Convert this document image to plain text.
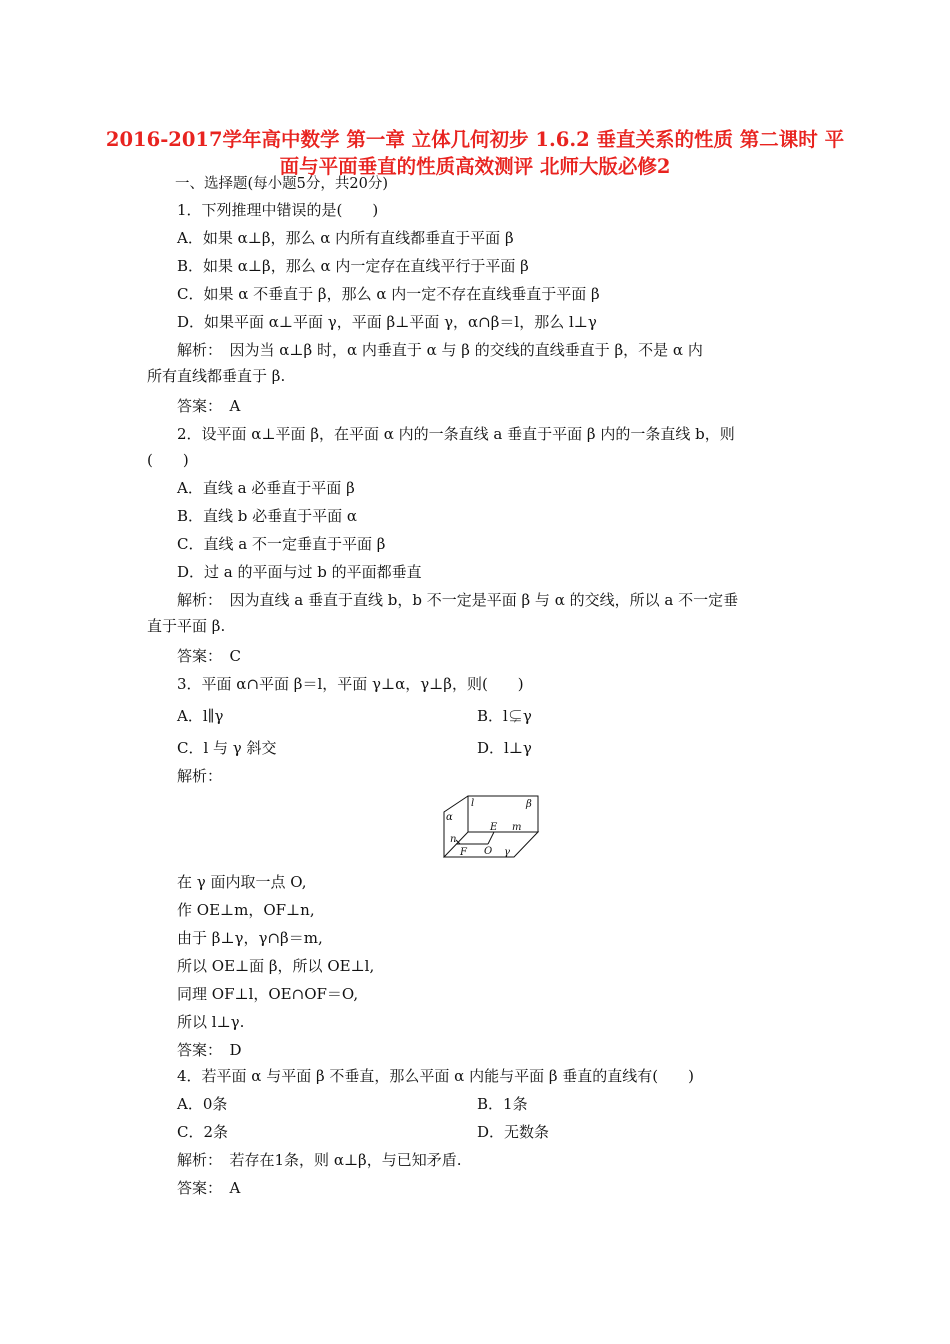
2016-2017学年高中数学 第一章 立体几何初步 1.6.2 垂直关系的性质 第二课时 平面与平面垂直的性质高效测评 北师大版必修2
一、选择题(每小题5分，共20分)
1．下列推理中错误的是(　　)
A．如果 α⊥β，那么 α 内所有直线都垂直于平面 β
B．如果 α⊥β，那么 α 内一定存在直线平行于平面 β
C．如果 α 不垂直于 β，那么 α 内一定不存在直线垂直于平面 β
D．如果平面 α⊥平面 γ，平面 β⊥平面 γ，α∩β＝l，那么 l⊥γ
解析：　因为当 α⊥β 时，α 内垂直于 α 与 β 的交线的直线垂直于 β，不是 α 内
所有直线都垂直于 β.
答案：　A
2．设平面 α⊥平面 β，在平面 α 内的一条直线 a 垂直于平面 β 内的一条直线 b，则
(　　)
A．直线 a 必垂直于平面 β
B．直线 b 必垂直于平面 α
C．直线 a 不一定垂直于平面 β
D．过 a 的平面与过 b 的平面都垂直
解析：　因为直线 a 垂直于直线 b，b 不一定是平面 β 与 α 的交线，所以 a 不一定垂
直于平面 β.
答案：　C
3．平面 α∩平面 β＝l，平面 γ⊥α，γ⊥β，则(　　)
A．l∥γ	B．l⊊γ
C．l 与 γ 斜交	D．l⊥γ
解析：
l	β
α
E m
n
F O γ
在 γ 面内取一点 O,
作 OE⊥m，OF⊥n,
由于 β⊥γ，γ∩β＝m,
所以 OE⊥面 β，所以 OE⊥l,
同理 OF⊥l，OE∩OF＝O,
所以 l⊥γ.
答案：　D
4．若平面 α 与平面 β 不垂直，那么平面 α 内能与平面 β 垂直的直线有(　　)
A．0条	B．1条
C．2条	D．无数条
解析：　若存在1条，则 α⊥β，与已知矛盾.
答案：　A
